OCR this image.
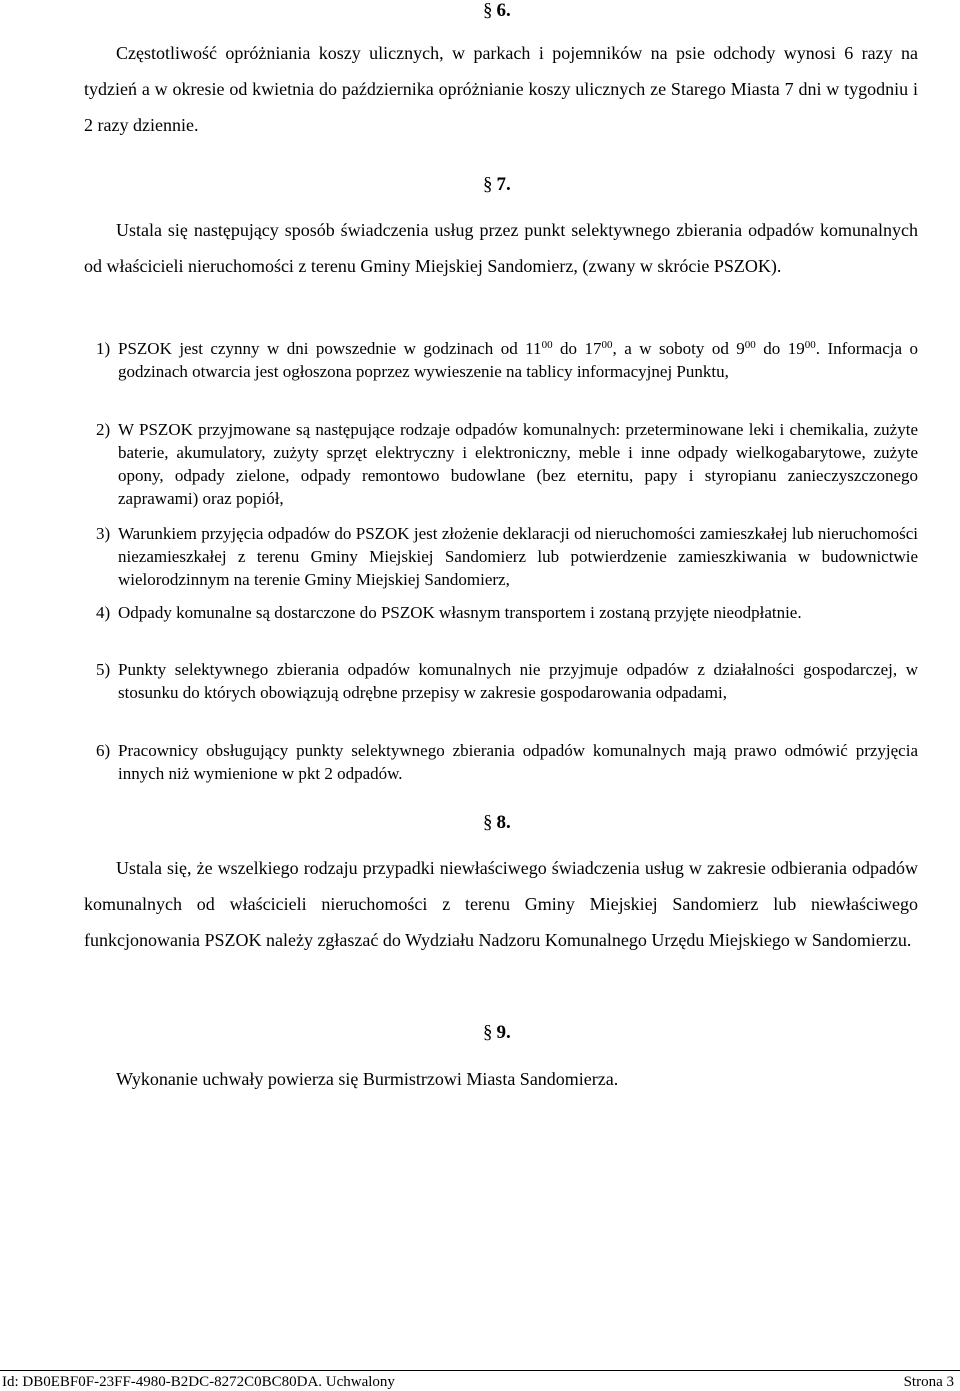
§ 6.
Częstotliwość opróżniania koszy ulicznych, w parkach i pojemników na psie odchody wynosi 6 razy na tydzień a w okresie od kwietnia do października opróżnianie koszy ulicznych ze Starego Miasta 7 dni w tygodniu i 2 razy dziennie.
§ 7.
Ustala się następujący sposób świadczenia usług przez punkt selektywnego zbierania odpadów komunalnych od właścicieli nieruchomości z terenu Gminy Miejskiej Sandomierz, (zwany w skrócie PSZOK).
1) PSZOK jest czynny w dni powszednie w godzinach od $11^{00}$ do $17^{00}$, a w soboty od $9^{00}$ do $19^{00}$. Informacja o godzinach otwarcia jest ogłoszona poprzez wywieszenie na tablicy informacyjnej Punktu,
2) W PSZOK przyjmowane są następujące rodzaje odpadów komunalnych: przeterminowane leki i chemikalia, zużyte baterie, akumulatory, zużyty sprzęt elektryczny i elektroniczny, meble i inne odpady wielkogabarytowe, zużyte opony, odpady zielone, odpady remontowo budowlane (bez eternitu, papy i styropianu zanieczyszczonego zaprawami) oraz popiół,
3) Warunkiem przyjęcia odpadów do PSZOK jest złożenie deklaracji od nieruchomości zamieszkałej lub nieruchomości niezamieszkałej z terenu Gminy Miejskiej Sandomierz lub potwierdzenie zamieszkiwania w budownictwie wielorodzinnym na terenie Gminy Miejskiej Sandomierz,
4) Odpady komunalne są dostarczone do PSZOK własnym transportem i zostaną przyjęte nieodpłatnie.
5) Punkty selektywnego zbierania odpadów komunalnych nie przyjmuje odpadów z działalności gospodarczej, w stosunku do których obowiązują odrębne przepisy w zakresie gospodarowania odpadami,
6) Pracownicy obsługujący punkty selektywnego zbierania odpadów komunalnych mają prawo odmówić przyjęcia innych niż wymienione w pkt 2 odpadów.
§ 8.
Ustala się, że wszelkiego rodzaju przypadki niewłaściwego świadczenia usług w zakresie odbierania odpadów komunalnych od właścicieli nieruchomości z terenu Gminy Miejskiej Sandomierz lub niewłaściwego funkcjonowania PSZOK należy zgłaszać do Wydziału Nadzoru Komunalnego Urzędu Miejskiego w Sandomierzu.
§ 9.
Wykonanie uchwały powierza się Burmistrzowi Miasta Sandomierza.
Id: DB0EBF0F-23FF-4980-B2DC-8272C0BC80DA. Uchwalony	Strona 3
